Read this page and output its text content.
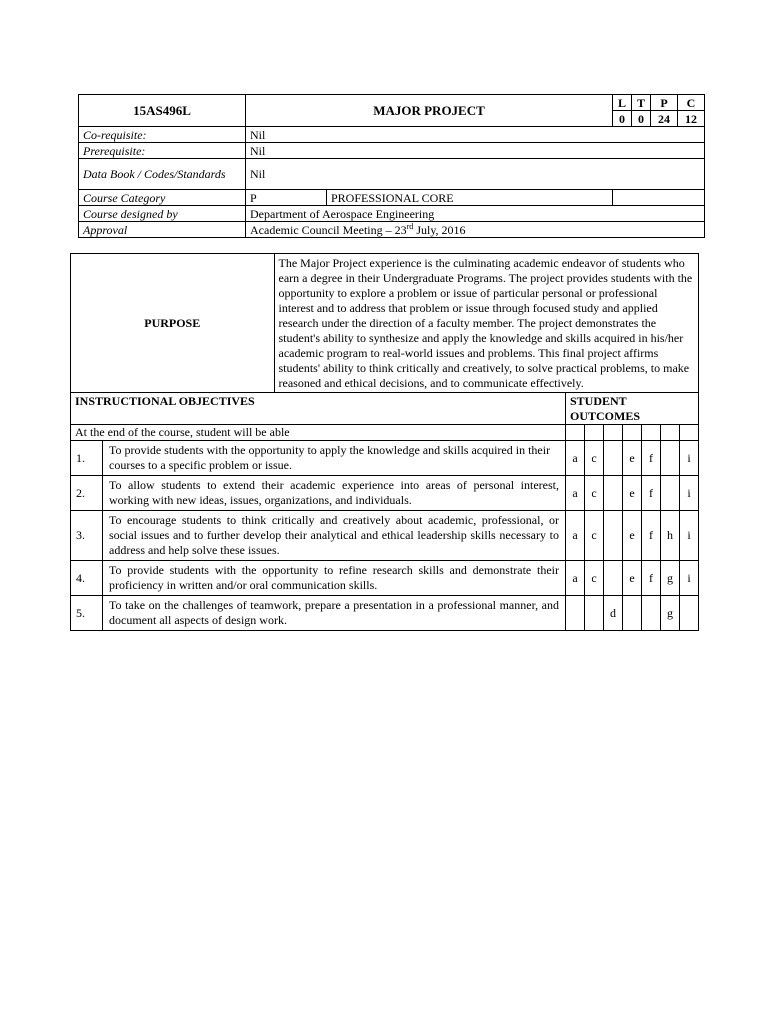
15AS496L	MAJOR PROJECT		L	T	P	C
			0	0	24	12
Co-requisite:	Nil					
Prerequisite:	Nil					
Data Book / Codes/Standards	Nil					
Course Category	P	PROFESSIONAL CORE				
Course designed by	Department of Aerospace Engineering					
Approval	Academic Council Meeting – 23rd July, 2016					
PURPOSE		The Major Project experience is the culminating academic endeavor of students who earn a degree in their Undergraduate Programs. The project provides students with the opportunity to explore a problem or issue of particular personal or professional interest and to address that problem or issue through focused study and applied research under the direction of a faculty member. The project demonstrates the student's ability to synthesize and apply the knowledge and skills acquired in his/her academic program to real-world issues and problems. This final project affirms students' ability to think critically and creatively, to solve practical problems, to make reasoned and ethical decisions, and to communicate effectively.							
INSTRUCTIONAL OBJECTIVES			STUDENT OUTCOMES						
At the end of the course, student will be able									
1.	To provide students with the opportunity to apply the knowledge and skills acquired in their courses to a specific problem or issue.		a	c		e	f		i
2.	To allow students to extend their academic experience into areas of personal interest, working with new ideas, issues, organizations, and individuals.		a	c		e	f		i
3.	To encourage students to think critically and creatively about academic, professional, or social issues and to further develop their analytical and ethical leadership skills necessary to address and help solve these issues.		a	c		e	f	h	i
4.	To provide students with the opportunity to refine research skills and demonstrate their proficiency in written and/or oral communication skills.		a	c		e	f	g	i
5.	To take on the challenges of teamwork, prepare a presentation in a professional manner, and document all aspects of design work.				d			g	
